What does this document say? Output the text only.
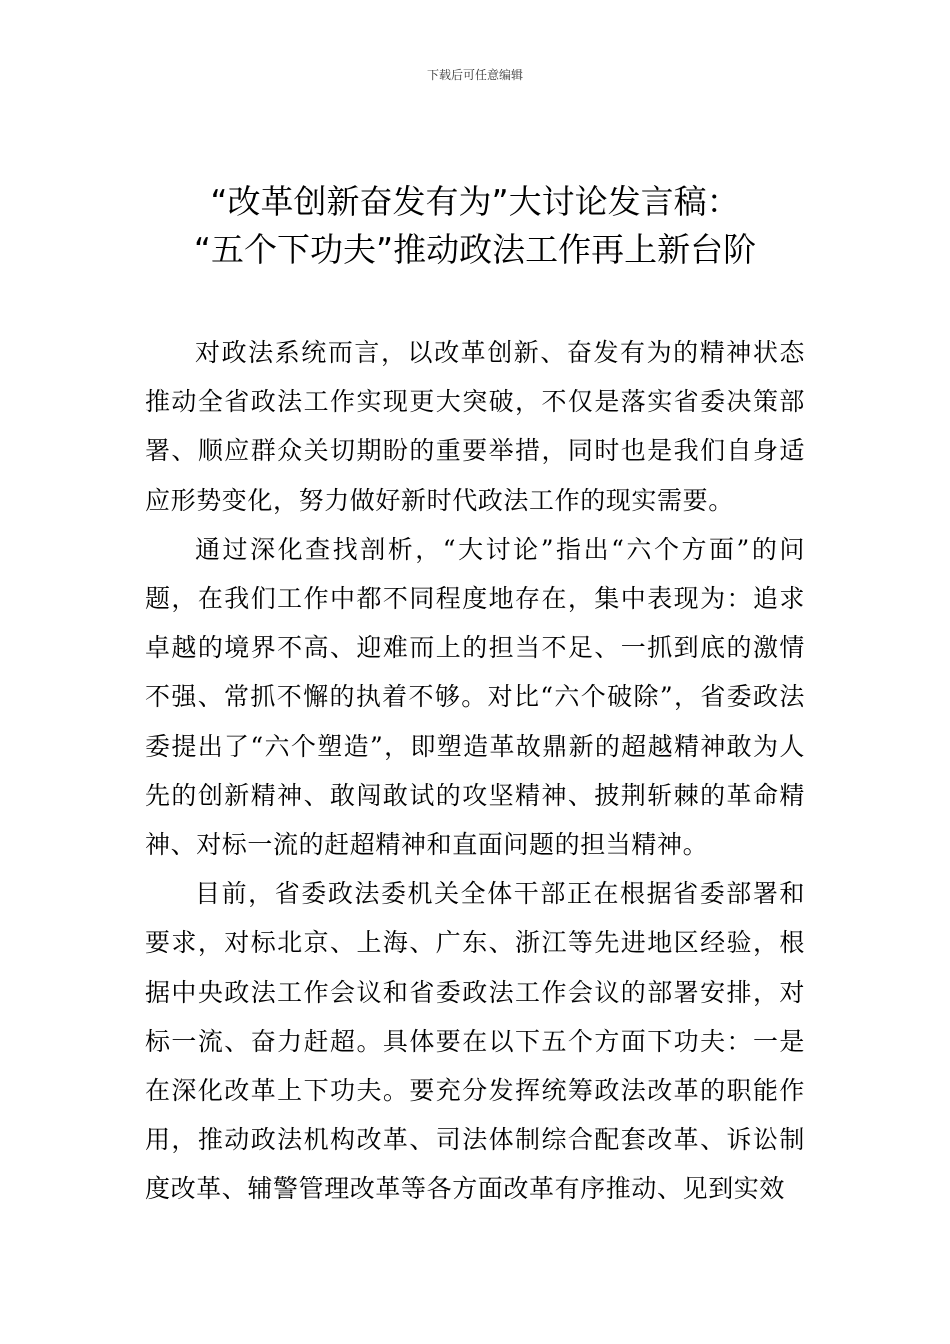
下载后可任意编辑
“改革创新奋发有为”大讨论发言稿：
“五个下功夫”推动政法工作再上新台阶

对政法系统而言，以改革创新、奋发有为的精神状态推动全省政法工作实现更大突破，不仅是落实省委决策部署、顺应群众关切期盼的重要举措，同时也是我们自身适应形势变化，努力做好新时代政法工作的现实需要。

通过深化查找剖析，“大讨论”指出“六个方面”的问题，在我们工作中都不同程度地存在，集中表现为：追求卓越的境界不高、迎难而上的担当不足、一抓到底的激情不强、常抓不懈的执着不够。对比“六个破除”，省委政法委提出了“六个塑造”，即塑造革故鼎新的超越精神敢为人先的创新精神、敢闯敢试的攻坚精神、披荆斩棘的革命精神、对标一流的赶超精神和直面问题的担当精神。

目前，省委政法委机关全体干部正在根据省委部署和要求，对标北京、上海、广东、浙江等先进地区经验，根据中央政法工作会议和省委政法工作会议的部署安排，对标一流、奋力赶超。具体要在以下五个方面下功夫：一是在深化改革上下功夫。要充分发挥统筹政法改革的职能作用，推动政法机构改革、司法体制综合配套改革、诉讼制度改革、辅警管理改革等各方面改革有序推动、见到实效
